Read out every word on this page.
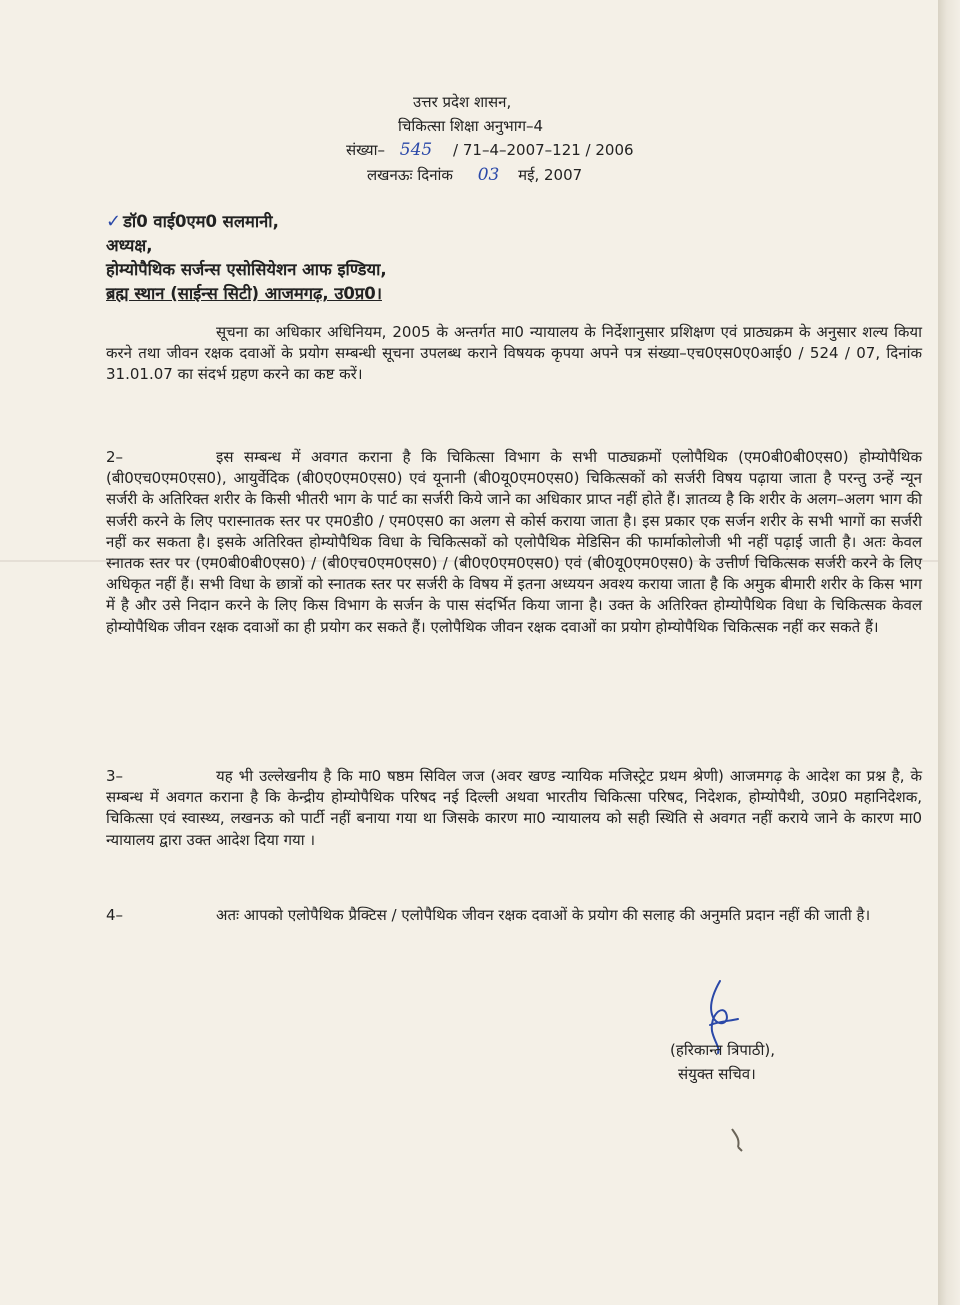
उत्तर प्रदेश शासन,
चिकित्सा शिक्षा अनुभाग–4
संख्या– 545 / 71–4–2007–121 / 2006
लखनऊः दिनांक 03 मई, 2007
✓ डॉ0 वाई0एम0 सलमानी,
अध्यक्ष,
होम्योपैथिक सर्जन्स एसोसियेशन आफ इण्डिया,
ब्रह्म स्थान (साईन्स सिटी) आजमगढ़, उ0प्र0।
सूचना का अधिकार अधिनियम, 2005 के अन्तर्गत मा0 न्यायालय के निर्देशानुसार प्रशिक्षण एवं प्राठ्यक्रम के अनुसार शल्य किया करने तथा जीवन रक्षक दवाओं के प्रयोग सम्बन्धी सूचना उपलब्ध कराने विषयक कृपया अपने पत्र संख्या–एच0एस0ए0आई0 / 524 / 07, दिनांक 31.01.07 का संदर्भ ग्रहण करने का कष्ट करें।
2–	इस सम्बन्ध में अवगत कराना है कि चिकित्सा विभाग के सभी पाठ्यक्रमों एलोपैथिक (एम0बी0बी0एस0) होम्योपैथिक (बी0एच0एम0एस0), आयुर्वेदिक (बी0ए0एम0एस0) एवं यूनानी (बी0यू0एम0एस0) चिकित्सकों को सर्जरी विषय पढ़ाया जाता है परन्तु उन्हें न्यून सर्जरी के अतिरिक्त शरीर के किसी भीतरी भाग के पार्ट का सर्जरी किये जाने का अधिकार प्राप्त नहीं होते हैं। ज्ञातव्य है कि शरीर के अलग–अलग भाग की सर्जरी करने के लिए परास्नातक स्तर पर एम0डी0 / एम0एस0 का अलग से कोर्स कराया जाता है। इस प्रकार एक सर्जन शरीर के सभी भागों का सर्जरी नहीं कर सकता है। इसके अतिरिक्त होम्योपैथिक विधा के चिकित्सकों को एलोपैथिक मेडिसिन की फार्माकोलोजी भी नहीं पढ़ाई जाती है। अतः केवल स्नातक स्तर पर (एम0बी0बी0एस0) / (बी0एच0एम0एस0) / (बी0ए0एम0एस0) एवं (बी0यू0एम0एस0) के उत्तीर्ण चिकित्सक सर्जरी करने के लिए अधिकृत नहीं हैं। सभी विधा के छात्रों को स्नातक स्तर पर सर्जरी के विषय में इतना अध्ययन अवश्य कराया जाता है कि अमुक बीमारी शरीर के किस भाग में है और उसे निदान करने के लिए किस विभाग के सर्जन के पास संदर्भित किया जाना है। उक्त के अतिरिक्त होम्योपैथिक विधा के चिकित्सक केवल होम्योपैथिक जीवन रक्षक दवाओं का ही प्रयोग कर सकते हैं। एलोपैथिक जीवन रक्षक दवाओं का प्रयोग होम्योपैथिक चिकित्सक नहीं कर सकते हैं।
3–	यह भी उल्लेखनीय है कि मा0 षष्ठम सिविल जज (अवर खण्ड न्यायिक मजिस्ट्रेट प्रथम श्रेणी) आजमगढ़ के आदेश का प्रश्न है, के सम्बन्ध में अवगत कराना है कि केन्द्रीय होम्योपैथिक परिषद नई दिल्ली अथवा भारतीय चिकित्सा परिषद, निदेशक, होम्योपैथी, उ0प्र0 महानिदेशक, चिकित्सा एवं स्वास्थ्य, लखनऊ को पार्टी नहीं बनाया गया था जिसके कारण मा0 न्यायालय को सही स्थिति से अवगत नहीं कराये जाने के कारण मा0 न्यायालय द्वारा उक्त आदेश दिया गया ।
4–	अतः आपको एलोपैथिक प्रैक्टिस / एलोपैथिक जीवन रक्षक दवाओं के प्रयोग की सलाह की अनुमति प्रदान नहीं की जाती है।
(हरिकान्त त्रिपाठी),
संयुक्त सचिव।
